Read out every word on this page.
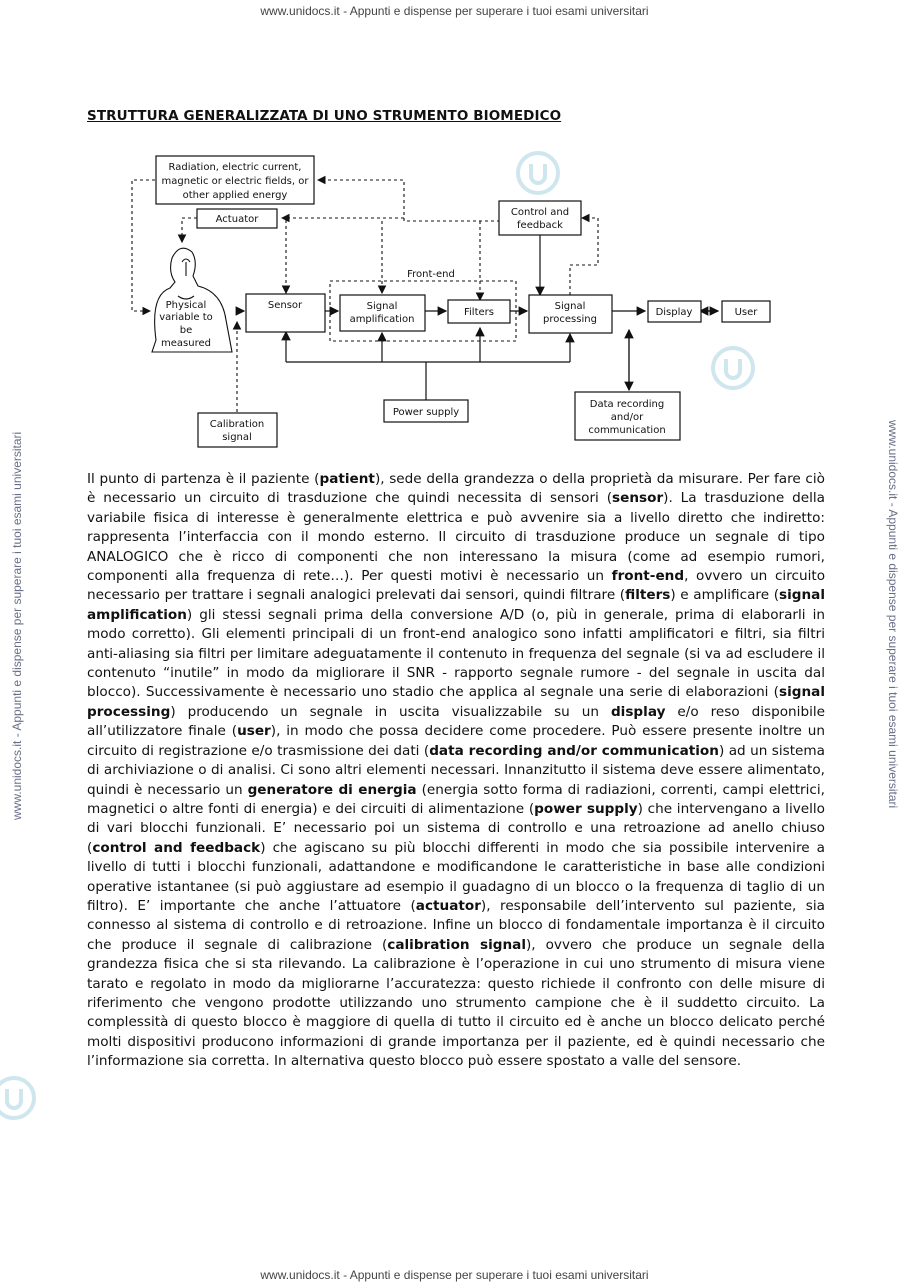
www.unidocs.it - Appunti e dispense per superare i tuoi esami universitari
www.unidocs.it - Appunti e dispense per superare i tuoi esami universitari
www.unidocs.it - Appunti e dispense per superare i tuoi esami universitari	www.unidocs.it - Appunti e dispense per superare i tuoi esami universitari
STRUTTURA GENERALIZZATA DI UNO STRUMENTO BIOMEDICO
Radiation, electric current,
magnetic or electric fields, or
other applied energy
Actuator
Control and
feedback
Front-end
Physical
variable to
be
measured
Sensor	Signal
amplification
Filters
Signal
processing
Display	User
Power supply
Calibration
signal
Data recording
and/or
communication
Il punto di partenza è il paziente (patient), sede della grandezza o della proprietà da misurare. Per fare ciò è necessario un circuito di trasduzione che quindi necessita di sensori (sensor). La trasduzione della variabile fisica di interesse è generalmente elettrica e può avvenire sia a livello diretto che indiretto: rappresenta l’interfaccia con il mondo esterno. Il circuito di trasduzione produce un segnale di tipo ANALOGICO che è ricco di componenti che non interessano la misura (come ad esempio rumori, componenti alla frequenza di rete…). Per questi motivi è necessario un front-end, ovvero un circuito necessario per trattare i segnali analogici prelevati dai sensori, quindi filtrare (filters) e amplificare (signal amplification) gli stessi segnali prima della conversione A/D (o, più in generale, prima di elaborarli in modo corretto). Gli elementi principali di un front-end analogico sono infatti amplificatori e filtri, sia filtri anti-aliasing sia filtri per limitare adeguatamente il contenuto in frequenza del segnale (si va ad escludere il contenuto “inutile” in modo da migliorare il SNR - rapporto segnale rumore - del segnale in uscita dal blocco). Successivamente è necessario uno stadio che applica al segnale una serie di elaborazioni (signal processing) producendo un segnale in uscita visualizzabile su un display e/o reso disponibile all’utilizzatore finale (user), in modo che possa decidere come procedere. Può essere presente inoltre un circuito di registrazione e/o trasmissione dei dati (data recording and/or communication) ad un sistema di archiviazione o di analisi. Ci sono altri elementi necessari. Innanzitutto il sistema deve essere alimentato, quindi è necessario un generatore di energia (energia sotto forma di radiazioni, correnti, campi elettrici, magnetici o altre fonti di energia) e dei circuiti di alimentazione (power supply) che intervengano a livello di vari blocchi funzionali. E’ necessario poi un sistema di controllo e una retroazione ad anello chiuso (control and feedback) che agiscano su più blocchi differenti in modo che sia possibile intervenire a livello di tutti i blocchi funzionali, adattandone e modificandone le caratteristiche in base alle condizioni operative istantanee (si può aggiustare ad esempio il guadagno di un blocco o la frequenza di taglio di un filtro). E’ importante che anche l’attuatore (actuator), responsabile dell’intervento sul paziente, sia connesso al sistema di controllo e di retroazione. Infine un blocco di fondamentale importanza è il circuito che produce il segnale di calibrazione (calibration signal), ovvero che produce un segnale della grandezza fisica che si sta rilevando. La calibrazione è l’operazione in cui uno strumento di misura viene tarato e regolato in modo da migliorarne l’accuratezza: questo richiede il confronto con delle misure di riferimento che vengono prodotte utilizzando uno strumento campione che è il suddetto circuito. La complessità di questo blocco è maggiore di quella di tutto il circuito ed è anche un blocco delicato perché molti dispositivi producono informazioni di grande importanza per il paziente, ed è quindi necessario che l’informazione sia corretta. In alternativa questo blocco può essere spostato a valle del sensore.
